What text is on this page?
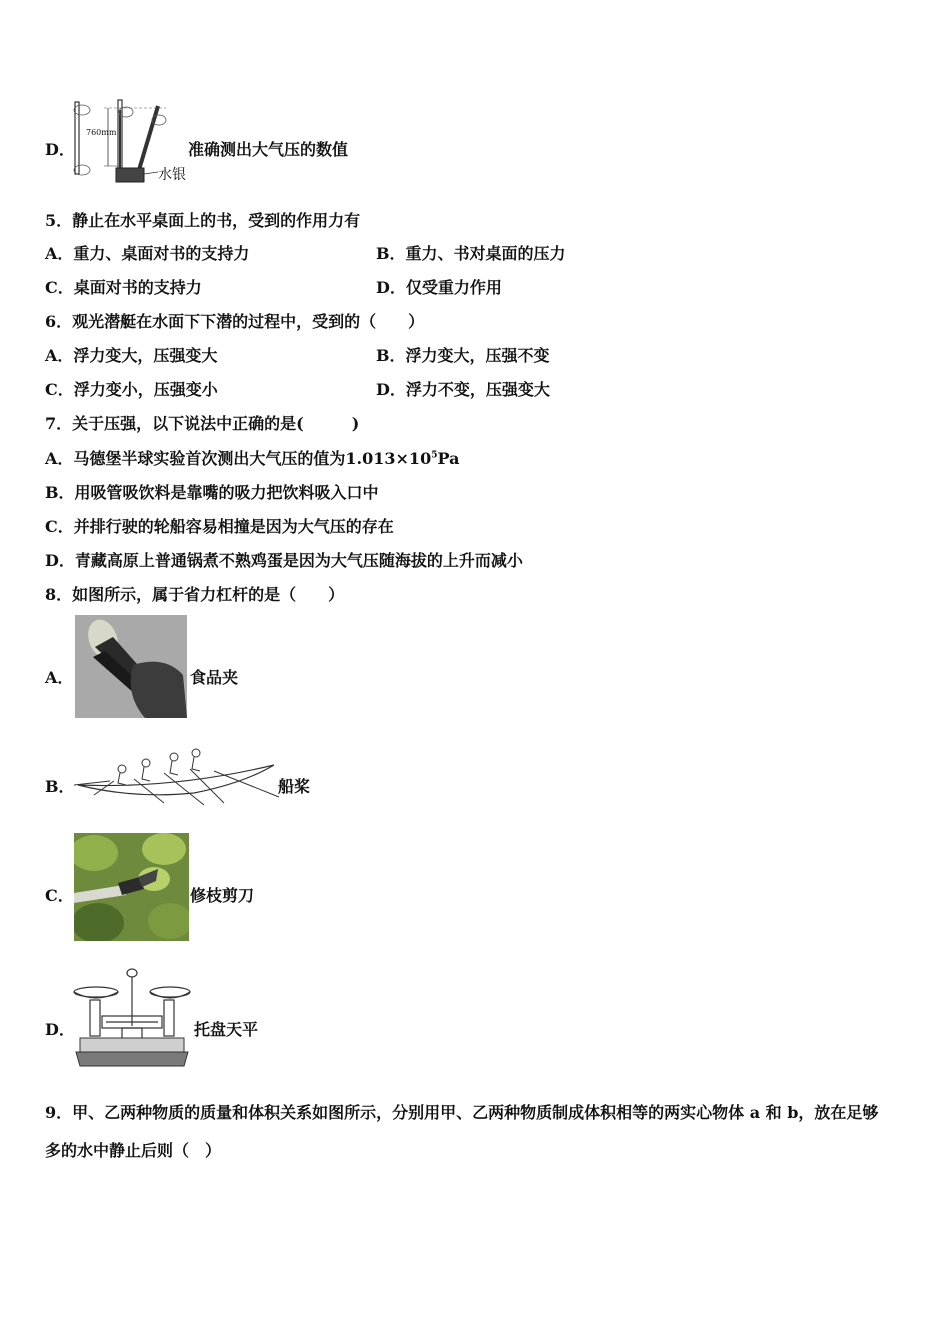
D．
760mm
水银
准确测出大气压的数值
5．静止在水平桌面上的书，受到的作用力有
A．重力、桌面对书的支持力	B．重力、书对桌面的压力
C．桌面对书的支持力	D．仅受重力作用
6．观光潜艇在水面下下潜的过程中，受到的（　　）
A．浮力变大，压强变大	B．浮力变大，压强不变
C．浮力变小，压强变小	D．浮力不变，压强变大
7．关于压强，以下说法中正确的是(　　　)
A．马德堡半球实验首次测出大气压的值为$1.013\times 10^5Pa$
B．用吸管吸饮料是靠嘴的吸力把饮料吸入口中
C．并排行驶的轮船容易相撞是因为大气压的存在
D．青藏高原上普通锅煮不熟鸡蛋是因为大气压随海拔的上升而减小
8．如图所示，属于省力杠杆的是（　　）
A．	食品夹
B．	船桨
C．	修枝剪刀
D．	托盘天平
9．甲、乙两种物质的质量和体积关系如图所示，分别用甲、乙两种物质制成体积相等的两实心物体 a 和 b，放在足够
多的水中静止后则（　）
